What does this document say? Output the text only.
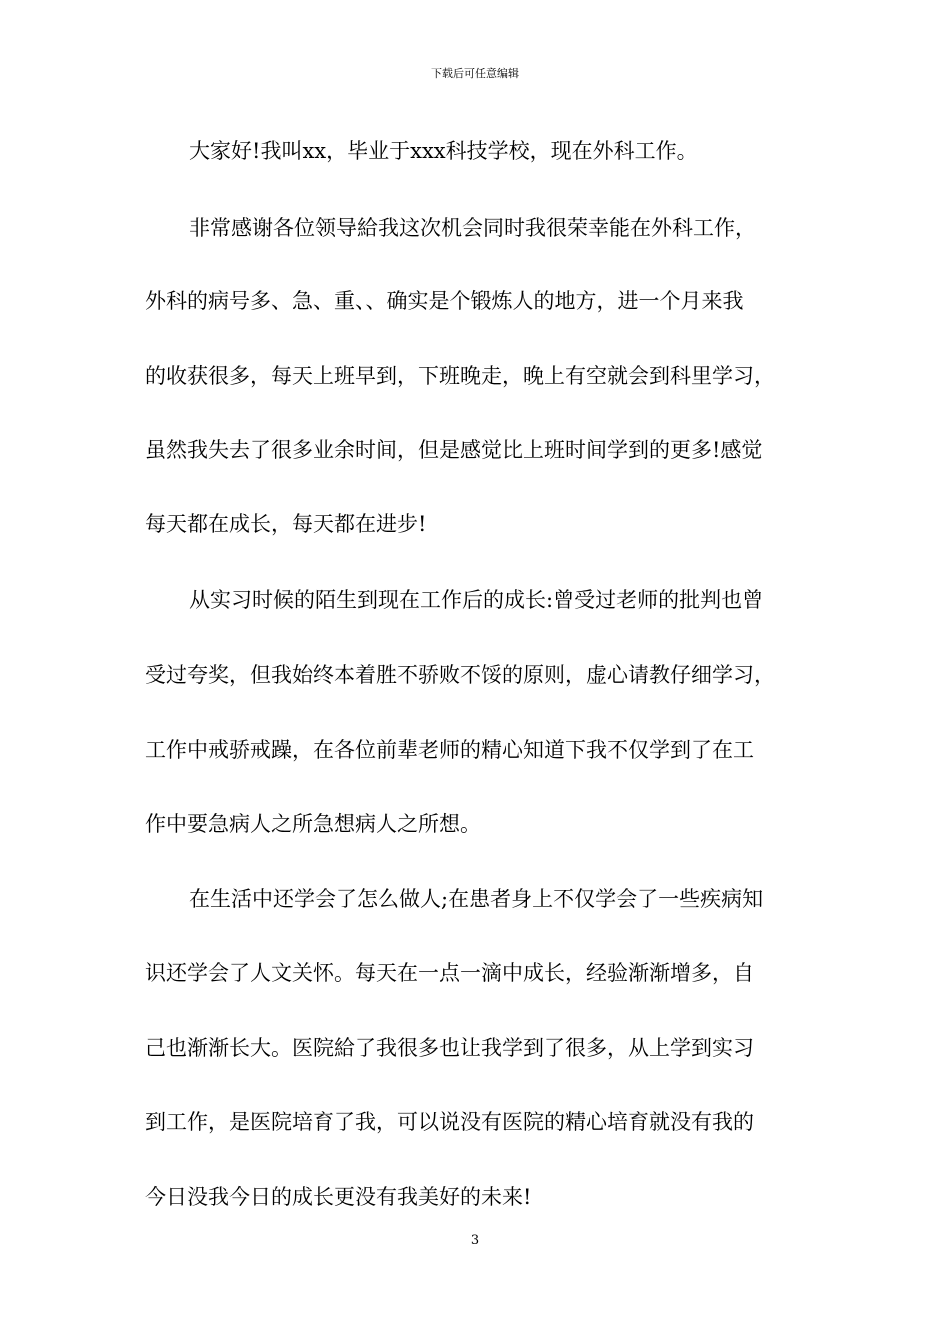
下载后可任意编辑
大家好!我叫xx，毕业于xxx科技学校，现在外科工作。
非常感谢各位领导給我这次机会同时我很荣幸能在外科工作，
外科的病号多、急、重、、确实是个锻炼人的地方，进一个月来我
的收获很多，每天上班早到，下班晚走，晚上有空就会到科里学习，
虽然我失去了很多业余时间，但是感觉比上班时间学到的更多!感觉
每天都在成长，每天都在进步!
从实习时候的陌生到现在工作后的成长:曾受过老师的批判也曾
受过夸奖，但我始终本着胜不骄败不馁的原则，虚心请教仔细学习，
工作中戒骄戒躁，在各位前辈老师的精心知道下我不仅学到了在工
作中要急病人之所急想病人之所想。
在生活中还学会了怎么做人;在患者身上不仅学会了一些疾病知
识还学会了人文关怀。每天在一点一滴中成长，经验渐渐增多，自
己也渐渐长大。医院給了我很多也让我学到了很多，从上学到实习
到工作，是医院培育了我，可以说没有医院的精心培育就没有我的
今日没我今日的成长更没有我美好的未来!
3
